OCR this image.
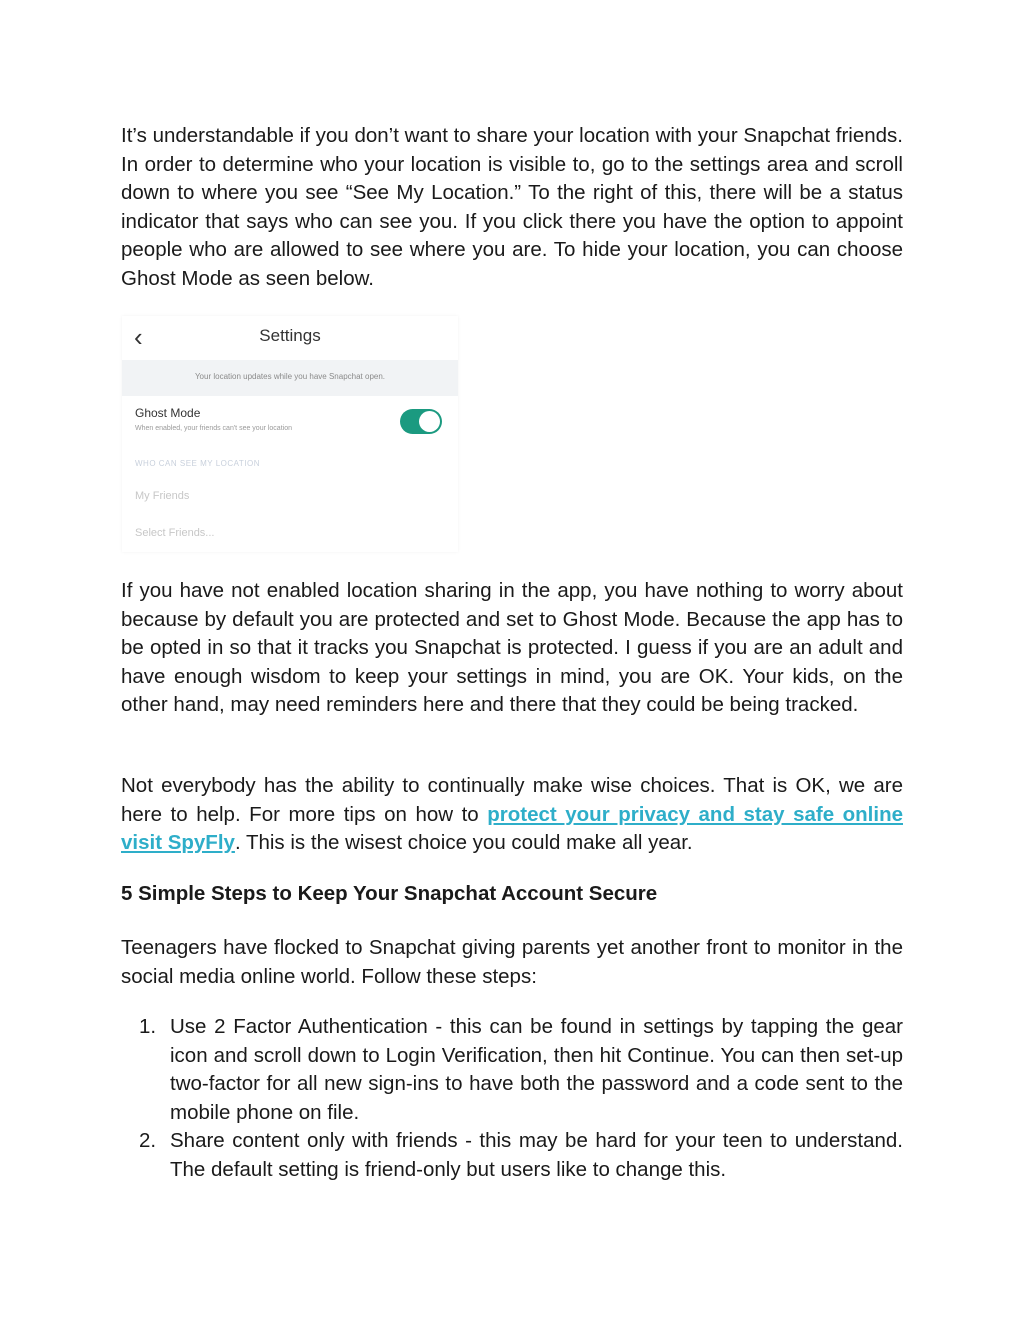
It’s understandable if you don’t want to share your location with your Snapchat friends. In order to determine who your location is visible to, go to the settings area and scroll down to where you see “See My Location.” To the right of this, there will be a status indicator that says who can see you. If you click there you have the option to appoint people who are allowed to see where you are. To hide your location, you can choose Ghost Mode as seen below.

‹	Settings
Your location updates while you have Snapchat open.
Ghost Mode
When enabled, your friends can't see your location
WHO CAN SEE MY LOCATION
My Friends
Select Friends...

If you have not enabled location sharing in the app, you have nothing to worry about because by default you are protected and set to Ghost Mode. Because the app has to be opted in so that it tracks you Snapchat is protected. I guess if you are an adult and have enough wisdom to keep your settings in mind, you are OK. Your kids, on the other hand, may need reminders here and there that they could be being tracked.

Not everybody has the ability to continually make wise choices. That is OK, we are here to help. For more tips on how to protect your privacy and stay safe online visit SpyFly. This is the wisest choice you could make all year.

5 Simple Steps to Keep Your Snapchat Account Secure

Teenagers have flocked to Snapchat giving parents yet another front to monitor in the social media online world. Follow these steps:

1. Use 2 Factor Authentication - this can be found in settings by tapping the gear icon and scroll down to Login Verification, then hit Continue. You can then set-up two-factor for all new sign-ins to have both the password and a code sent to the mobile phone on file.
2. Share content only with friends - this may be hard for your teen to understand. The default setting is friend-only but users like to change this.
